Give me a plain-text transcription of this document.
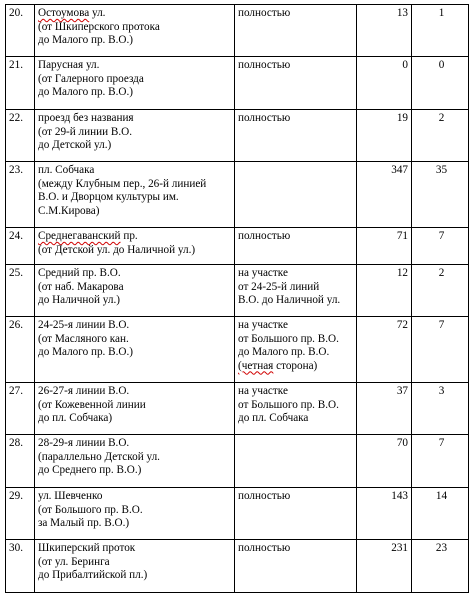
20.	Остоумова ул.
(от Шкиперского протока
до Малого пр. В.О.)	полностью	13	1
21.	Парусная ул.
(от Галерного проезда
до Малого пр. В.О.)	полностью	0	0
22.	проезд без названия
(от 29-й линии В.О.
до Детской ул.)	полностью	19	2
23.	пл. Собчака
(между Клубным пер., 26-й линией
В.О. и Дворцом культуры им.
С.М.Кирова)		347	35
24.	Среднегаванский пр.
(от Детской ул. до Наличной ул.)	полностью	71	7
25.	Средний пр. В.О.
(от наб. Макарова
до Наличной ул.)	на участке
от 24-25-й линий
В.О. до Наличной ул.	12	2
26.	24-25-я линии В.О.
(от Масляного кан.
до Малого пр. В.О.)	на участке
от Большого пр. В.О.
до Малого пр. В.О.
(четная сторона)	72	7
27.	26-27-я линии В.О.
(от Кожевенной линии
до пл. Собчака)	на участке
от Большого пр. В.О.
до пл. Собчака	37	3
28.	28-29-я линии В.О.
(параллельно Детской ул.
до Среднего пр. В.О.)		70	7
29.	ул. Шевченко
(от Большого пр. В.О.
за Малый пр. В.О.)	полностью	143	14
30.	Шкиперский проток
(от ул. Беринга
до Прибалтийской пл.)	полностью	231	23
